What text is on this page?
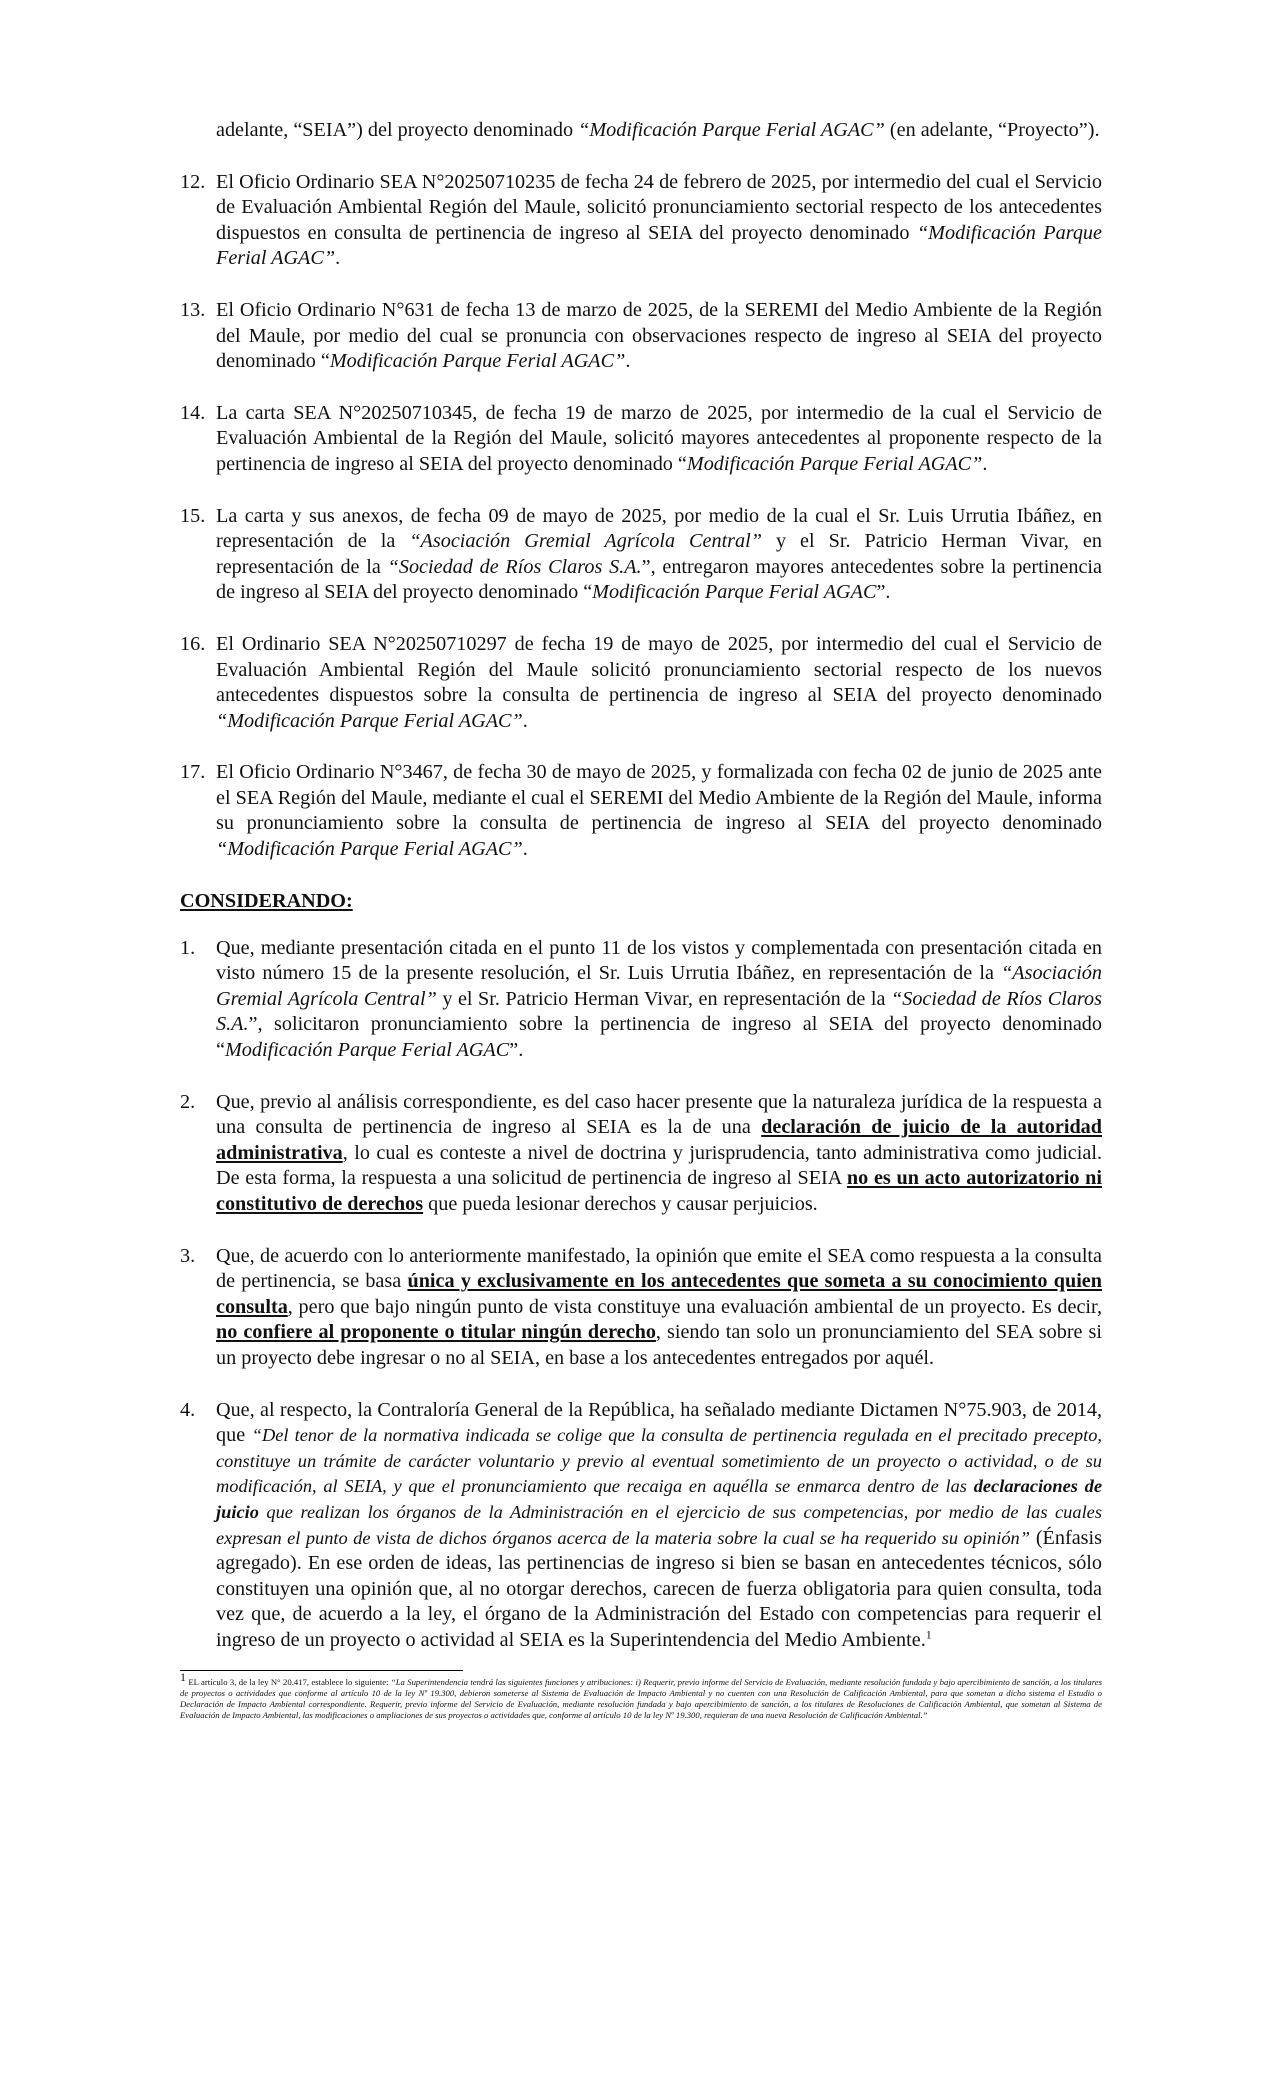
adelante, “SEIA”) del proyecto denominado “Modificación Parque Ferial AGAC” (en adelante, “Proyecto”).
12. El Oficio Ordinario SEA N°20250710235 de fecha 24 de febrero de 2025, por intermedio del cual el Servicio de Evaluación Ambiental Región del Maule, solicitó pronunciamiento sectorial respecto de los antecedentes dispuestos en consulta de pertinencia de ingreso al SEIA del proyecto denominado “Modificación Parque Ferial AGAC”.
13. El Oficio Ordinario N°631 de fecha 13 de marzo de 2025, de la SEREMI del Medio Ambiente de la Región del Maule, por medio del cual se pronuncia con observaciones respecto de ingreso al SEIA del proyecto denominado “Modificación Parque Ferial AGAC”.
14. La carta SEA N°20250710345, de fecha 19 de marzo de 2025, por intermedio de la cual el Servicio de Evaluación Ambiental de la Región del Maule, solicitó mayores antecedentes al proponente respecto de la pertinencia de ingreso al SEIA del proyecto denominado “Modificación Parque Ferial AGAC”.
15. La carta y sus anexos, de fecha 09 de mayo de 2025, por medio de la cual el Sr. Luis Urrutia Ibáñez, en representación de la “Asociación Gremial Agrícola Central” y el Sr. Patricio Herman Vivar, en representación de la “Sociedad de Ríos Claros S.A.”, entregaron mayores antecedentes sobre la pertinencia de ingreso al SEIA del proyecto denominado “Modificación Parque Ferial AGAC”.
16. El Ordinario SEA N°20250710297 de fecha 19 de mayo de 2025, por intermedio del cual el Servicio de Evaluación Ambiental Región del Maule solicitó pronunciamiento sectorial respecto de los nuevos antecedentes dispuestos sobre la consulta de pertinencia de ingreso al SEIA del proyecto denominado “Modificación Parque Ferial AGAC”.
17. El Oficio Ordinario N°3467, de fecha 30 de mayo de 2025, y formalizada con fecha 02 de junio de 2025 ante el SEA Región del Maule, mediante el cual el SEREMI del Medio Ambiente de la Región del Maule, informa su pronunciamiento sobre la consulta de pertinencia de ingreso al SEIA del proyecto denominado “Modificación Parque Ferial AGAC”.
CONSIDERANDO:
1.	Que, mediante presentación citada en el punto 11 de los vistos y complementada con presentación citada en visto número 15 de la presente resolución, el Sr. Luis Urrutia Ibáñez, en representación de la “Asociación Gremial Agrícola Central” y el Sr. Patricio Herman Vivar, en representación de la “Sociedad de Ríos Claros S.A.”, solicitaron pronunciamiento sobre la pertinencia de ingreso al SEIA del proyecto denominado “Modificación Parque Ferial AGAC”.
2.	Que, previo al análisis correspondiente, es del caso hacer presente que la naturaleza jurídica de la respuesta a una consulta de pertinencia de ingreso al SEIA es la de una declaración de juicio de la autoridad administrativa, lo cual es conteste a nivel de doctrina y jurisprudencia, tanto administrativa como judicial. De esta forma, la respuesta a una solicitud de pertinencia de ingreso al SEIA no es un acto autorizatorio ni constitutivo de derechos que pueda lesionar derechos y causar perjuicios.
3.	Que, de acuerdo con lo anteriormente manifestado, la opinión que emite el SEA como respuesta a la consulta de pertinencia, se basa única y exclusivamente en los antecedentes que someta a su conocimiento quien consulta, pero que bajo ningún punto de vista constituye una evaluación ambiental de un proyecto. Es decir, no confiere al proponente o titular ningún derecho, siendo tan solo un pronunciamiento del SEA sobre si un proyecto debe ingresar o no al SEIA, en base a los antecedentes entregados por aquél.
4.	Que, al respecto, la Contraloría General de la República, ha señalado mediante Dictamen N°75.903, de 2014, que “Del tenor de la normativa indicada se colige que la consulta de pertinencia regulada en el precitado precepto, constituye un trámite de carácter voluntario y previo al eventual sometimiento de un proyecto o actividad, o de su modificación, al SEIA, y que el pronunciamiento que recaiga en aquélla se enmarca dentro de las declaraciones de juicio que realizan los órganos de la Administración en el ejercicio de sus competencias, por medio de las cuales expresan el punto de vista de dichos órganos acerca de la materia sobre la cual se ha requerido su opinión” (Énfasis agregado). En ese orden de ideas, las pertinencias de ingreso si bien se basan en antecedentes técnicos, sólo constituyen una opinión que, al no otorgar derechos, carecen de fuerza obligatoria para quien consulta, toda vez que, de acuerdo a la ley, el órgano de la Administración del Estado con competencias para requerir el ingreso de un proyecto o actividad al SEIA es la Superintendencia del Medio Ambiente.$^1$
$^1$ EL artículo 3, de la ley N° 20.417, establece lo siguiente: “La Superintendencia tendrá las siguientes funciones y atribuciones: i) Requerir, previo informe del Servicio de Evaluación, mediante resolución fundada y bajo apercibimiento de sanción, a los titulares de proyectos o actividades que conforme al artículo 10 de la ley Nº 19.300, debieron someterse al Sistema de Evaluación de Impacto Ambiental y no cuenten con una Resolución de Calificación Ambiental, para que sometan a dicho sistema el Estudio o Declaración de Impacto Ambiental correspondiente. Requerir, previo informe del Servicio de Evaluación, mediante resolución fundada y bajo apercibimiento de sanción, a los titulares de Resoluciones de Calificación Ambiental, que sometan al Sistema de Evaluación de Impacto Ambiental, las modificaciones o ampliaciones de sus proyectos o actividades que, conforme al artículo 10 de la ley Nº 19.300, requieran de una nueva Resolución de Calificación Ambiental.”
